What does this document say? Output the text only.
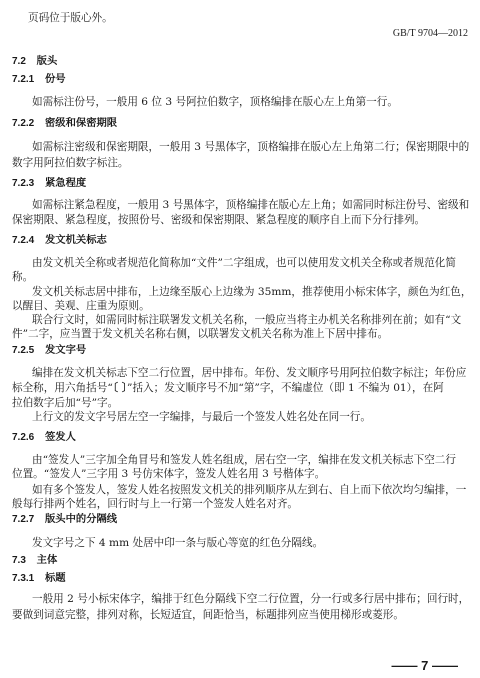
页码位于版心外。
GB/T 9704—2012
7.2 版头
7.2.1 份号
如需标注份号，一般用 6 位 3 号阿拉伯数字，顶格编排在版心左上角第一行。
7.2.2 密级和保密期限
如需标注密级和保密期限，一般用 3 号黑体字，顶格编排在版心左上角第二行；保密期限中的
数字用阿拉伯数字标注。
7.2.3 紧急程度
如需标注紧急程度，一般用 3 号黑体字，顶格编排在版心左上角；如需同时标注份号、密级和
保密期限、紧急程度，按照份号、密级和保密期限、紧急程度的顺序自上而下分行排列。
7.2.4 发文机关标志
由发文机关全称或者规范化简称加“文件”二字组成，也可以使用发文机关全称或者规范化简
称。
发文机关标志居中排布，上边缘至版心上边缘为 35mm，推荐使用小标宋体字，颜色为红色，
以醒目、美观、庄重为原则。
联合行文时，如需同时标注联署发文机关名称，一般应当将主办机关名称排列在前；如有“文
件”二字，应当置于发文机关名称右侧，以联署发文机关名称为准上下居中排布。
7.2.5 发文字号
编排在发文机关标志下空二行位置，居中排布。年份、发文顺序号用阿拉伯数字标注；年份应
标全称，用六角括号“〔 〕”括入；发文顺序号不加“第”字，不编虚位（即 1 不编为 01），在阿
拉伯数字后加“号”字。
上行文的发文字号居左空一字编排，与最后一个签发人姓名处在同一行。
7.2.6 签发人
由“签发人”三字加全角冒号和签发人姓名组成，居右空一字，编排在发文机关标志下空二行
位置。“签发人”三字用 3 号仿宋体字，签发人姓名用 3 号楷体字。
如有多个签发人，签发人姓名按照发文机关的排列顺序从左到右、自上而下依次均匀编排，一
般每行排两个姓名，回行时与上一行第一个签发人姓名对齐。
7.2.7 版头中的分隔线
发文字号之下 4 mm 处居中印一条与版心等宽的红色分隔线。
7.3 主体
7.3.1 标题
一般用 2 号小标宋体字，编排于红色分隔线下空二行位置，分一行或多行居中排布；回行时，
要做到词意完整，排列对称，长短适宜，间距恰当，标题排列应当使用梯形或菱形。
—— 7 ——
